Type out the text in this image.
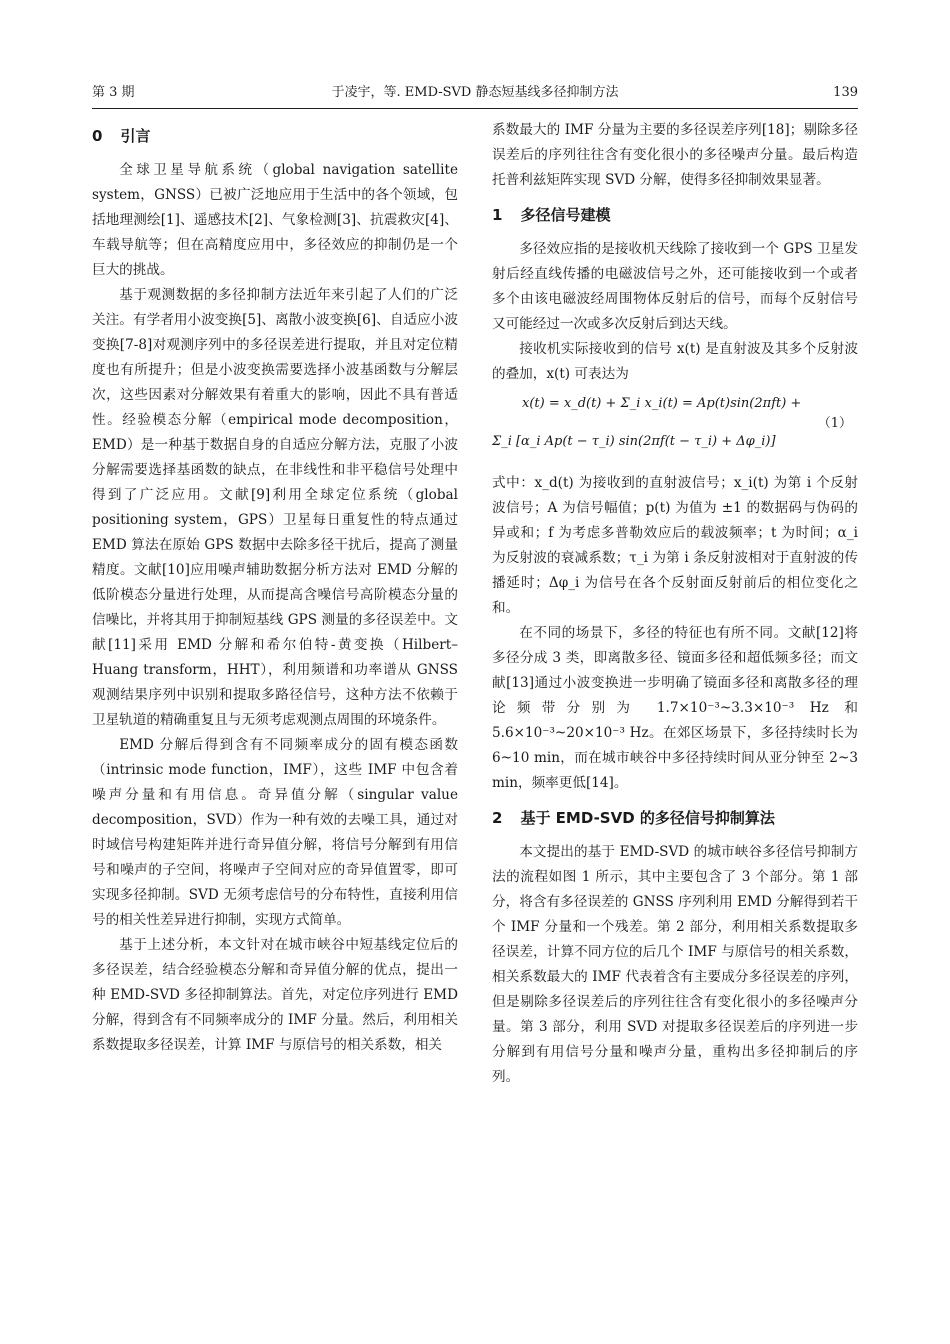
第 3 期	于凌宇，等. EMD-SVD 静态短基线多径抑制方法	139
0 引言

全球卫星导航系统（global navigation satellite system，GNSS）已被广泛地应用于生活中的各个领域，包括地理测绘[1]、遥感技术[2]、气象检测[3]、抗震救灾[4]、车载导航等；但在高精度应用中，多径效应的抑制仍是一个巨大的挑战。

基于观测数据的多径抑制方法近年来引起了人们的广泛关注。有学者用小波变换[5]、离散小波变换[6]、自适应小波变换[7-8]对观测序列中的多径误差进行提取，并且对定位精度也有所提升；但是小波变换需要选择小波基函数与分解层次，这些因素对分解效果有着重大的影响，因此不具有普适性。经验模态分解（empirical mode decomposition，EMD）是一种基于数据自身的自适应分解方法，克服了小波分解需要选择基函数的缺点，在非线性和非平稳信号处理中得到了广泛应用。文献[9]利用全球定位系统（global positioning system，GPS）卫星每日重复性的特点通过 EMD 算法在原始 GPS 数据中去除多径干扰后，提高了测量精度。文献[10]应用噪声辅助数据分析方法对 EMD 分解的低阶模态分量进行处理，从而提高含噪信号高阶模态分量的信噪比，并将其用于抑制短基线 GPS 测量的多径误差中。文献[11]采用 EMD 分解和希尔伯特-黄变换（Hilbert–Huang transform，HHT），利用频谱和功率谱从 GNSS 观测结果序列中识别和提取多路径信号，这种方法不依赖于卫星轨道的精确重复且与无须考虑观测点周围的环境条件。

EMD 分解后得到含有不同频率成分的固有模态函数（intrinsic mode function，IMF），这些 IMF 中包含着噪声分量和有用信息。奇异值分解（singular value decomposition，SVD）作为一种有效的去噪工具，通过对时域信号构建矩阵并进行奇异值分解，将信号分解到有用信号和噪声的子空间，将噪声子空间对应的奇异值置零，即可实现多径抑制。SVD 无须考虑信号的分布特性，直接利用信号的相关性差异进行抑制，实现方式简单。

基于上述分析，本文针对在城市峡谷中短基线定位后的多径误差，结合经验模态分解和奇异值分解的优点，提出一种 EMD-SVD 多径抑制算法。首先，对定位序列进行 EMD 分解，得到含有不同频率成分的 IMF 分量。然后，利用相关系数提取多径误差，计算 IMF 与原信号的相关系数，相关

系数最大的 IMF 分量为主要的多径误差序列[18]；剔除多径误差后的序列往往含有变化很小的多径噪声分量。最后构造托普利兹矩阵实现 SVD 分解，使得多径抑制效果显著。

1 多径信号建模

多径效应指的是接收机天线除了接收到一个 GPS 卫星发射后经直线传播的电磁波信号之外，还可能接收到一个或者多个由该电磁波经周围物体反射后的信号，而每个反射信号又可能经过一次或多次反射后到达天线。

接收机实际接收到的信号 x(t) 是直射波及其多个反射波的叠加，x(t) 可表达为

x(t) = x_d(t) + Σ_i x_i(t) = Ap(t)sin(2πft) +
Σ_i [α_i Ap(t − τ_i) sin(2πf(t − τ_i) + Δφ_i)]
（1）

式中：x_d(t) 为接收到的直射波信号；x_i(t) 为第 i 个反射波信号；A 为信号幅值；p(t) 为值为 ±1 的数据码与伪码的异或和；f 为考虑多普勒效应后的载波频率；t 为时间；α_i 为反射波的衰减系数；τ_i 为第 i 条反射波相对于直射波的传播延时；Δφ_i 为信号在各个反射面反射前后的相位变化之和。

在不同的场景下，多径的特征也有所不同。文献[12]将多径分成 3 类，即离散多径、镜面多径和超低频多径；而文献[13]通过小波变换进一步明确了镜面多径和离散多径的理论频带分别为 1.7×10⁻³~3.3×10⁻³ Hz 和 5.6×10⁻³~20×10⁻³ Hz。在郊区场景下，多径持续时长为 6~10 min，而在城市峡谷中多径持续时间从亚分钟至 2~3 min，频率更低[14]。

2 基于 EMD-SVD 的多径信号抑制算法

本文提出的基于 EMD-SVD 的城市峡谷多径信号抑制方法的流程如图 1 所示，其中主要包含了 3 个部分。第 1 部分，将含有多径误差的 GNSS 序列利用 EMD 分解得到若干个 IMF 分量和一个残差。第 2 部分，利用相关系数提取多径误差，计算不同方位的后几个 IMF 与原信号的相关系数，相关系数最大的 IMF 代表着含有主要成分多径误差的序列，但是剔除多径误差后的序列往往含有变化很小的多径噪声分量。第 3 部分，利用 SVD 对提取多径误差后的序列进一步分解到有用信号分量和噪声分量，重构出多径抑制后的序列。
